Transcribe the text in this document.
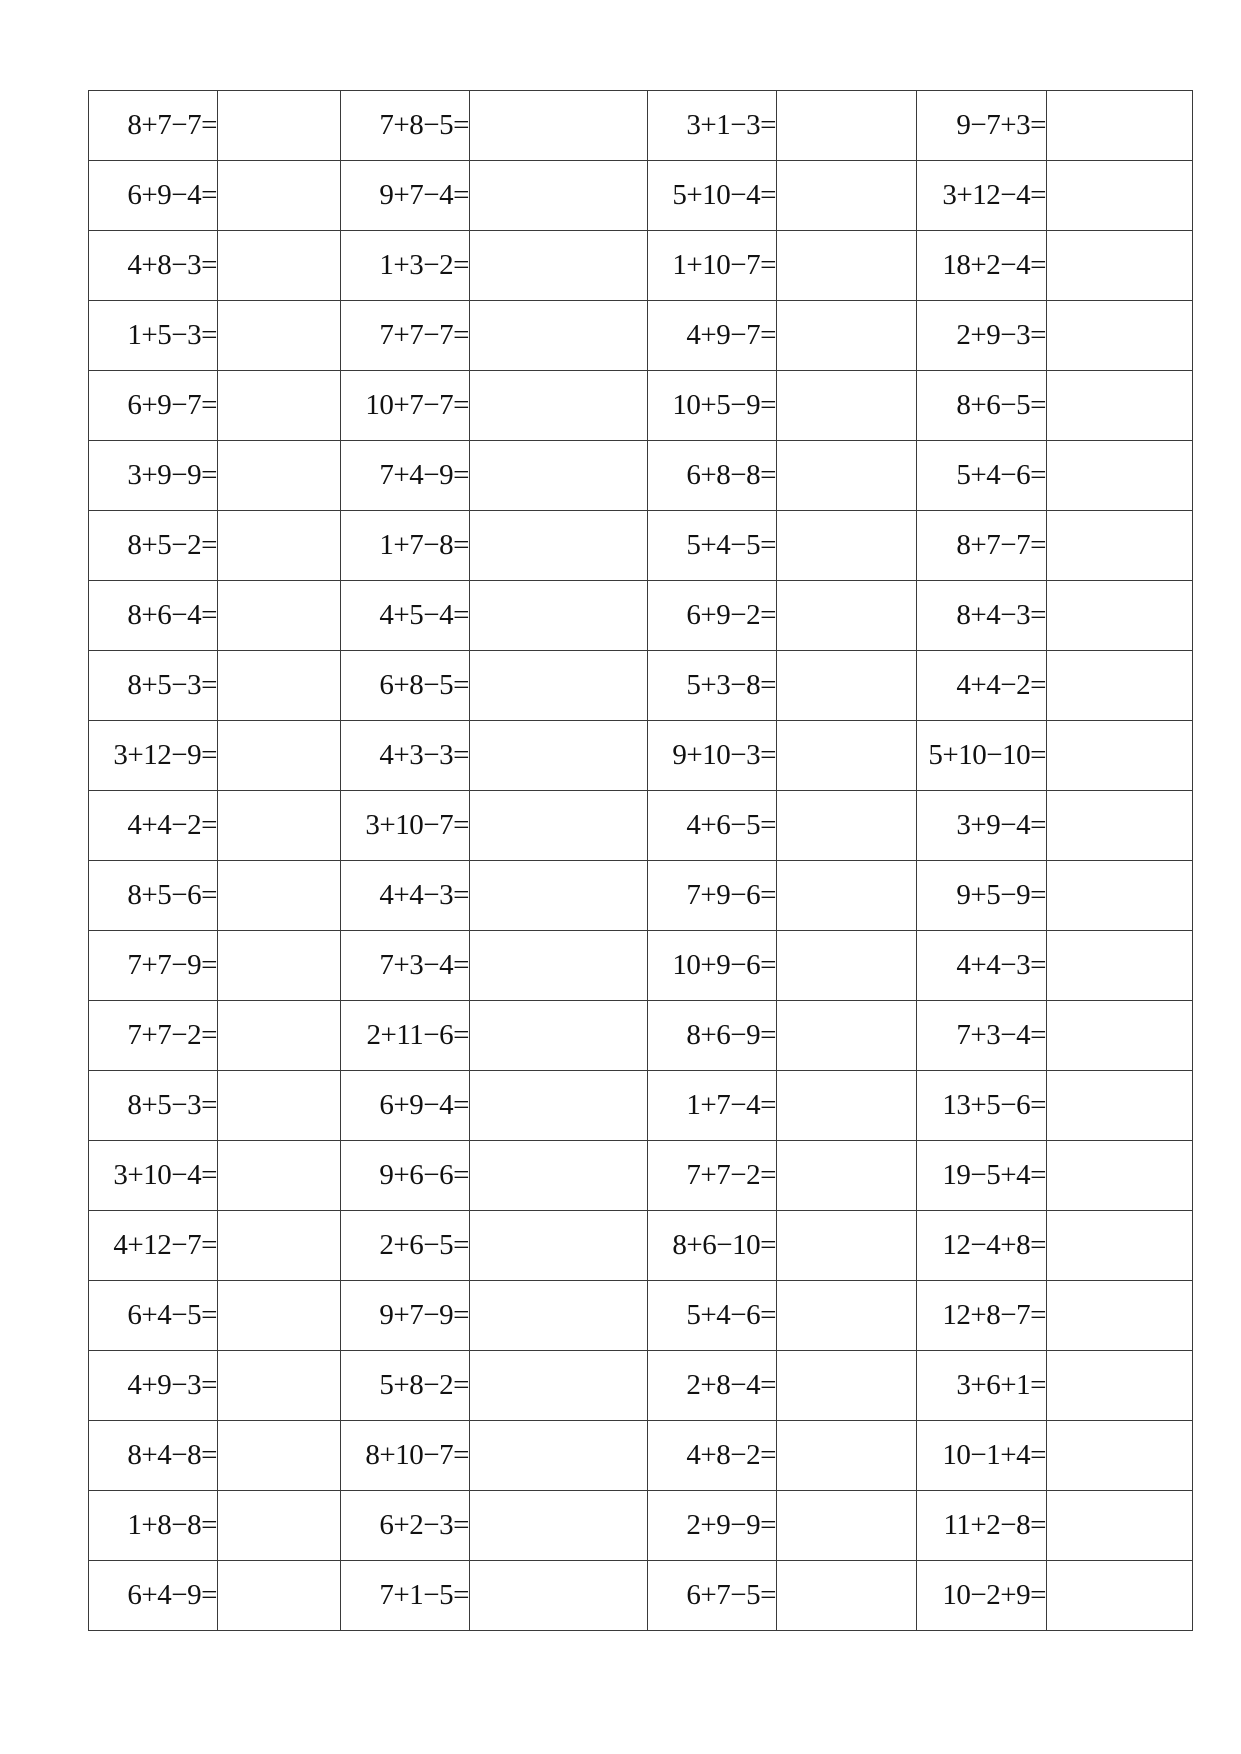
8+7−7=		7+8−5=		3+1−3=		9−7+3=	
6+9−4=		9+7−4=		5+10−4=		3+12−4=	
4+8−3=		1+3−2=		1+10−7=		18+2−4=	
1+5−3=		7+7−7=		4+9−7=		2+9−3=	
6+9−7=		10+7−7=		10+5−9=		8+6−5=	
3+9−9=		7+4−9=		6+8−8=		5+4−6=	
8+5−2=		1+7−8=		5+4−5=		8+7−7=	
8+6−4=		4+5−4=		6+9−2=		8+4−3=	
8+5−3=		6+8−5=		5+3−8=		4+4−2=	
3+12−9=		4+3−3=		9+10−3=		5+10−10=	
4+4−2=		3+10−7=		4+6−5=		3+9−4=	
8+5−6=		4+4−3=		7+9−6=		9+5−9=	
7+7−9=		7+3−4=		10+9−6=		4+4−3=	
7+7−2=		2+11−6=		8+6−9=		7+3−4=	
8+5−3=		6+9−4=		1+7−4=		13+5−6=	
3+10−4=		9+6−6=		7+7−2=		19−5+4=	
4+12−7=		2+6−5=		8+6−10=		12−4+8=	
6+4−5=		9+7−9=		5+4−6=		12+8−7=	
4+9−3=		5+8−2=		2+8−4=		3+6+1=	
8+4−8=		8+10−7=		4+8−2=		10−1+4=	
1+8−8=		6+2−3=		2+9−9=		11+2−8=	
6+4−9=		7+1−5=		6+7−5=		10−2+9=	
